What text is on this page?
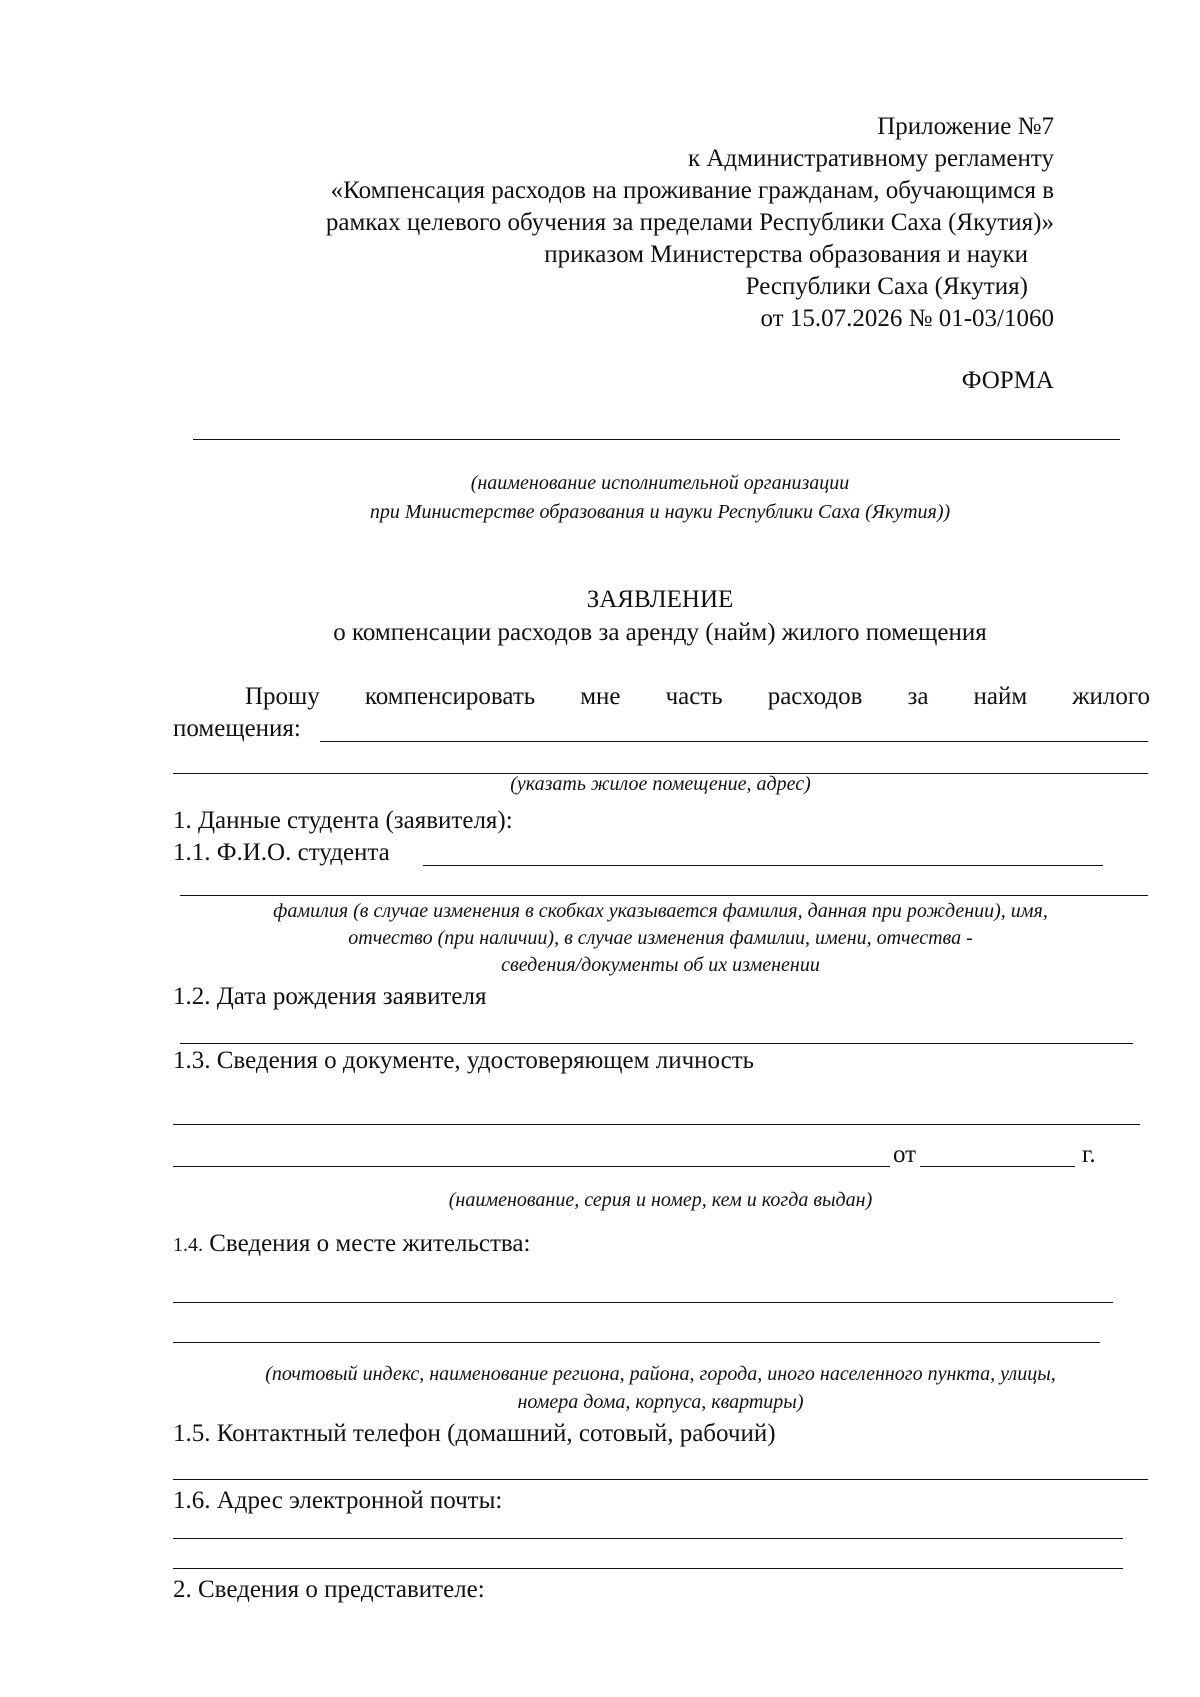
Приложение №7
к Административному регламенту
«Компенсация расходов на проживание гражданам, обучающимся в
рамках целевого обучения за пределами Республики Саха (Якутия)»
приказом Министерства образования и науки
Республики Саха (Якутия)
от 15.07.2026 № 01-03/1060
ФОРМА
(наименование исполнительной организации
при Министерстве образования и науки Республики Саха (Якутия))
ЗАЯВЛЕНИЕ
о компенсации расходов за аренду (найм) жилого помещения
Прошу компенсировать мне часть расходов за найм жилого
помещения:
(указать жилое помещение, адрес)
1. Данные студента (заявителя):
1.1. Ф.И.О. студента
фамилия (в случае изменения в скобках указывается фамилия, данная при рождении), имя,
отчество (при наличии), в случае изменения фамилии, имени, отчества -
сведения/документы об их изменении
1.2. Дата рождения заявителя
1.3. Сведения о документе, удостоверяющем личность
от	г.
(наименование, серия и номер, кем и когда выдан)
1.4. Сведения о месте жительства:
(почтовый индекс, наименование региона, района, города, иного населенного пункта, улицы,
номера дома, корпуса, квартиры)
1.5. Контактный телефон (домашний, сотовый, рабочий)
1.6. Адрес электронной почты:
2. Сведения о представителе:
